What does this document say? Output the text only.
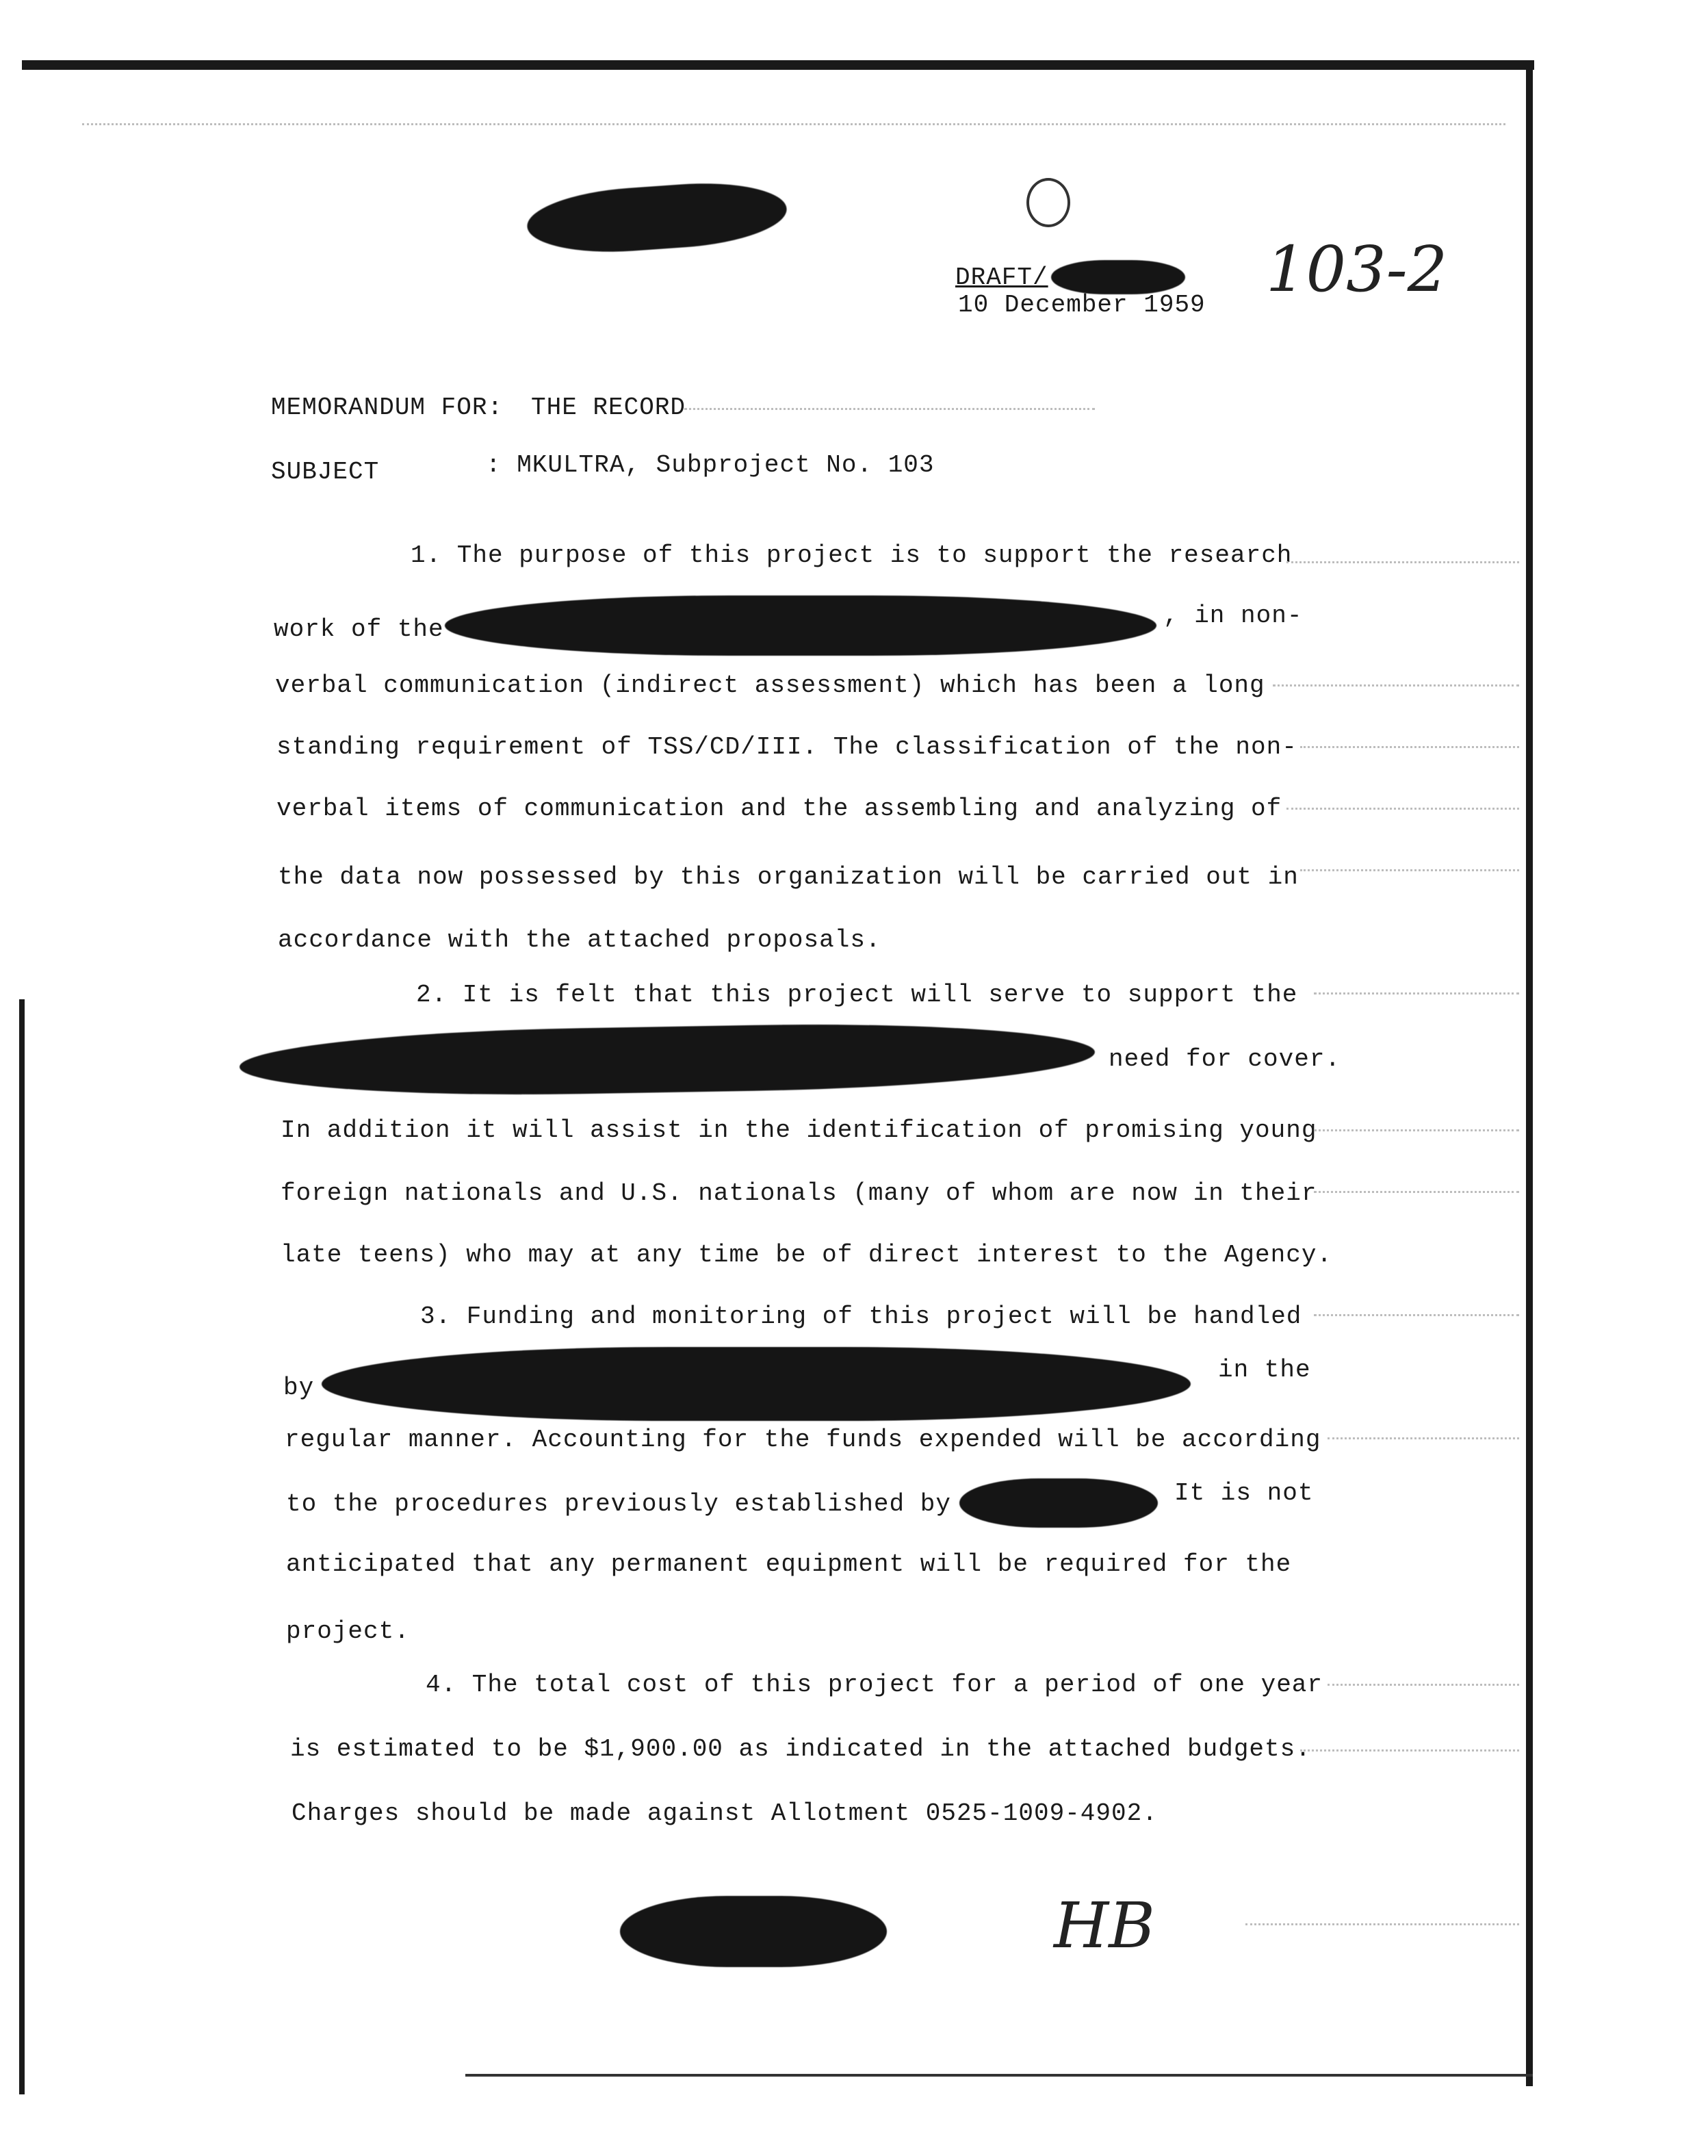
DRAFT/
10 December 1959 103-2
MEMORANDUM FOR: THE RECORD
SUBJECT	: MKULTRA, Subproject No. 103
1. The purpose of this project is to support the research
work of the	, in non-
verbal communication (indirect assessment) which has been a long
standing requirement of TSS/CD/III. The classification of the non-
verbal items of communication and the assembling and analyzing of
the data now possessed by this organization will be carried out in
accordance with the attached proposals.
2. It is felt that this project will serve to support the
need for cover.
In addition it will assist in the identification of promising young
foreign nationals and U.S. nationals (many of whom are now in their
late teens) who may at any time be of direct interest to the Agency.
3. Funding and monitoring of this project will be handled
by
in the
regular manner. Accounting for the funds expended will be according
to the procedures previously established by	It is not
anticipated that any permanent equipment will be required for the
project.
4. The total cost of this project for a period of one year
is estimated to be $1,900.00 as indicated in the attached budgets.
Charges should be made against Allotment 0525-1009-4902.
HB
